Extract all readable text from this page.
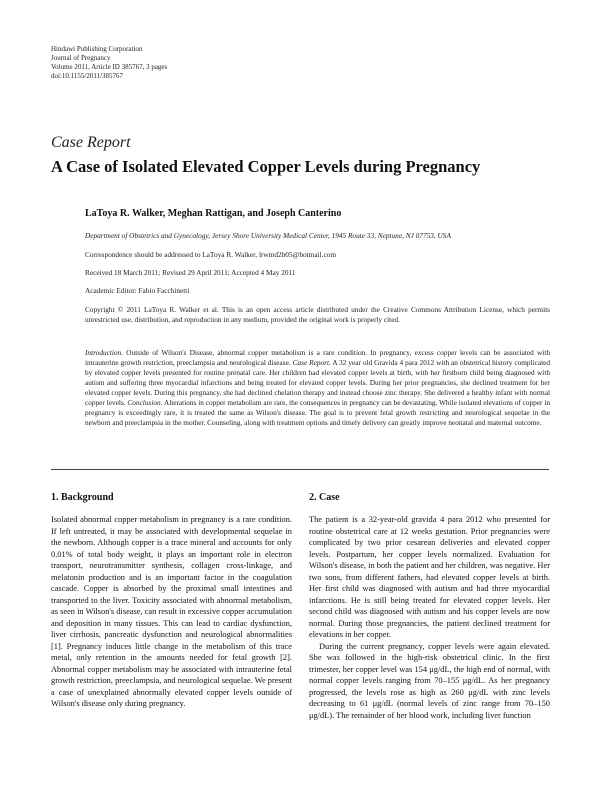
Hindawi Publishing Corporation
Journal of Pregnancy
Volume 2011, Article ID 385767, 3 pages
doi:10.1155/2011/385767
Case Report
A Case of Isolated Elevated Copper Levels during Pregnancy
LaToya R. Walker, Meghan Rattigan, and Joseph Canterino
Department of Obstetrics and Gynecology, Jersey Shore University Medical Center, 1945 Route 33, Neptune, NJ 07753, USA
Correspondence should be addressed to LaToya R. Walker, lrwmd2b05@hotmail.com
Received 18 March 2011; Revised 29 April 2011; Accepted 4 May 2011
Academic Editor: Fabio Facchinetti
Copyright © 2011 LaToya R. Walker et al. This is an open access article distributed under the Creative Commons Attribution License, which permits unrestricted use, distribution, and reproduction in any medium, provided the original work is properly cited.
Introduction. Outside of Wilson's Disease, abnormal copper metabolism is a rare condition. In pregnancy, excess copper levels can be associated with intrauterine growth restriction, preeclampsia and neurological disease. Case Report. A 32 year old Gravida 4 para 2012 with an obstetrical history complicated by elevated copper levels presented for routine prenatal care. Her children had elevated copper levels at birth, with her firstborn child being diagnosed with autism and suffering three myocardial infarctions and being treated for elevated copper levels. During her prior pregnancies, she declined treatment for her elevated copper levels. During this pregnancy, she had declined chelation therapy and instead choose zinc therapy. She delivered a healthy infant with normal copper levels. Conclusion. Alterations in copper metabolism are rare, the consequences in pregnancy can be devastating. While isolated elevations of copper in pregnancy is exceedingly rare, it is treated the same as Wilson's disease. The goal is to prevent fetal growth restricting and neurological sequelae in the newborn and preeclampsia in the mother. Counseling, along with treatment options and timely delivery can greatly improve neonatal and maternal outcome.
1. Background	2. Case

Isolated abnormal copper metabolism in pregnancy is a rare condition. If left untreated, it may be associated with developmental sequelae in the newborn. Although copper is a trace mineral and accounts for only 0.01% of total body weight, it plays an important role in electron transport, neurotransmitter synthesis, collagen cross-linkage, and melatonin production and is an important factor in the coagulation cascade. Copper is absorbed by the proximal small intestines and transported to the liver. Toxicity associated with abnormal metabolism, as seen in Wilson's disease, can result in excessive copper accumulation and deposition in many tissues. This can lead to cardiac dysfunction, liver cirrhosis, pancreatic dysfunction and neurological abnormalities [1]. Pregnancy induces little change in the metabolism of this trace metal, only retention in the amounts needed for fetal growth [2]. Abnormal copper metabolism may be associated with intrauterine fetal growth restriction, preeclampsia, and neurological sequelae. We present a case of unexplained abnormally elevated copper levels outside of Wilson's disease only during pregnancy.

The patient is a 32-year-old gravida 4 para 2012 who presented for routine obstetrical care at 12 weeks gestation. Prior pregnancies were complicated by two prior cesarean deliveries and elevated copper levels. Postpartum, her copper levels normalized. Evaluation for Wilson's disease, in both the patient and her children, was negative. Her two sons, from different fathers, had elevated copper levels at birth. Her first child was diagnosed with autism and had three myocardial infarctions. He is still being treated for elevated copper levels. Her second child was diagnosed with autism and his copper levels are now normal. During those pregnancies, the patient declined treatment for elevations in her copper.

During the current pregnancy, copper levels were again elevated. She was followed in the high-risk obstetrical clinic. In the first trimester, her copper level was 154 μg/dL, the high end of normal, with normal copper levels ranging from 70–155 μg/dL. As her pregnancy progressed, the levels rose as high as 260 μg/dL with zinc levels decreasing to 61 μg/dL (normal levels of zinc range from 70–150 μg/dL). The remainder of her blood work, including liver function
